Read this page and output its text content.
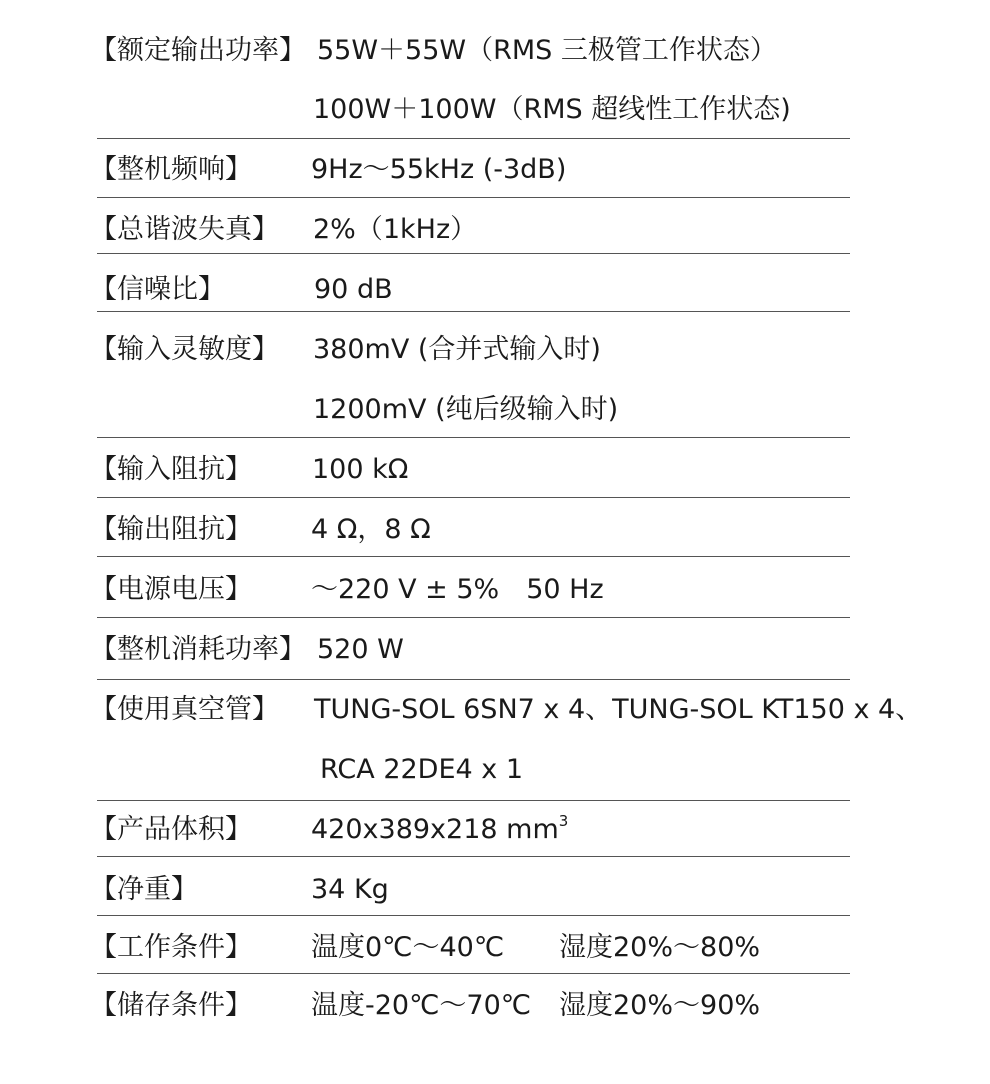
【额定输出功率】 55W＋55W（RMS 三极管工作状态）
100W＋100W（RMS 超线性工作状态)
【整机频响】 9Hz～55kHz (-3dB)
【总谐波失真】 2%（1kHz）
【信噪比】	90 dB
【输入灵敏度】 380mV (合并式输入时)
1200mV (纯后级输入时)
【输入阻抗】 100 kΩ
【输出阻抗】 4 Ω，8 Ω
【电源电压】 ～220 V ± 5%　50 Hz
【整机消耗功率】 520 W
【使用真空管】 TUNG-SOL 6SN7 x 4、TUNG-SOL KT150 x 4、
RCA 22DE4 x 1
【产品体积】 420x389x218 $mm^3$
【净重】	34 Kg
【工作条件】 温度0℃～40℃ 湿度20%～80%
【储存条件】 温度-20℃～70℃ 湿度20%～90%
